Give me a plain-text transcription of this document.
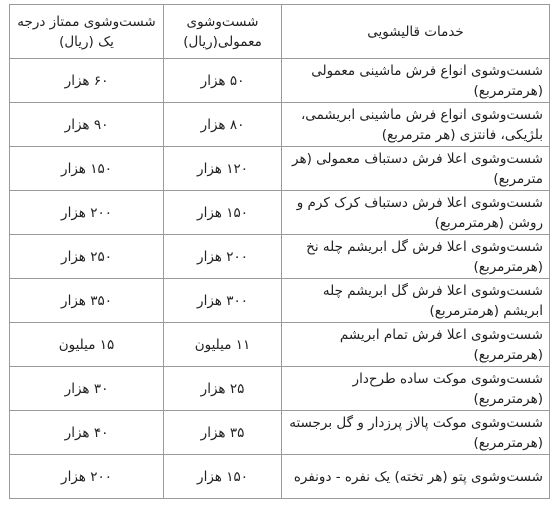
خدمات قالیشویی	شست‌وشوی معمولی(ریال)	شست‌وشوی ممتاز درجه یک (ریال)

شست‌وشوی انواع فرش ماشینی معمولی (هرمترمربع)	۵۰ هزار	۶۰ هزار
شست‌وشوی انواع فرش ماشینی ابریشمی، بلژیکی، فانتزی (هر مترمربع)	۸۰ هزار	۹۰ هزار
شست‌وشوی اعلا فرش دستباف معمولی (هر مترمربع)	۱۲۰ هزار	۱۵۰ هزار
شست‌وشوی اعلا فرش دستباف کرک کرم و روشن (هرمترمربع)	۱۵۰ هزار	۲۰۰ هزار
شست‌وشوی اعلا فرش گل ابریشم چله نخ (هرمترمربع)	۲۰۰ هزار	۲۵۰ هزار
شست‌وشوی اعلا فرش گل ابریشم چله ابریشم (هرمترمربع)	۳۰۰ هزار	۳۵۰ هزار
شست‌وشوی اعلا فرش تمام ابریشم (هرمترمربع)	۱۱ میلیون	۱۵ میلیون
شست‌وشوی موکت ساده طرح‌دار (هرمترمربع)	۲۵ هزار	۳۰ هزار
شست‌وشوی موکت پالاز پرزدار و گل برجسته (هرمترمربع)	۳۵ هزار	۴۰ هزار
شست‌وشوی پتو (هر تخته) یک نفره - دونفره	۱۵۰ هزار	۲۰۰ هزار
